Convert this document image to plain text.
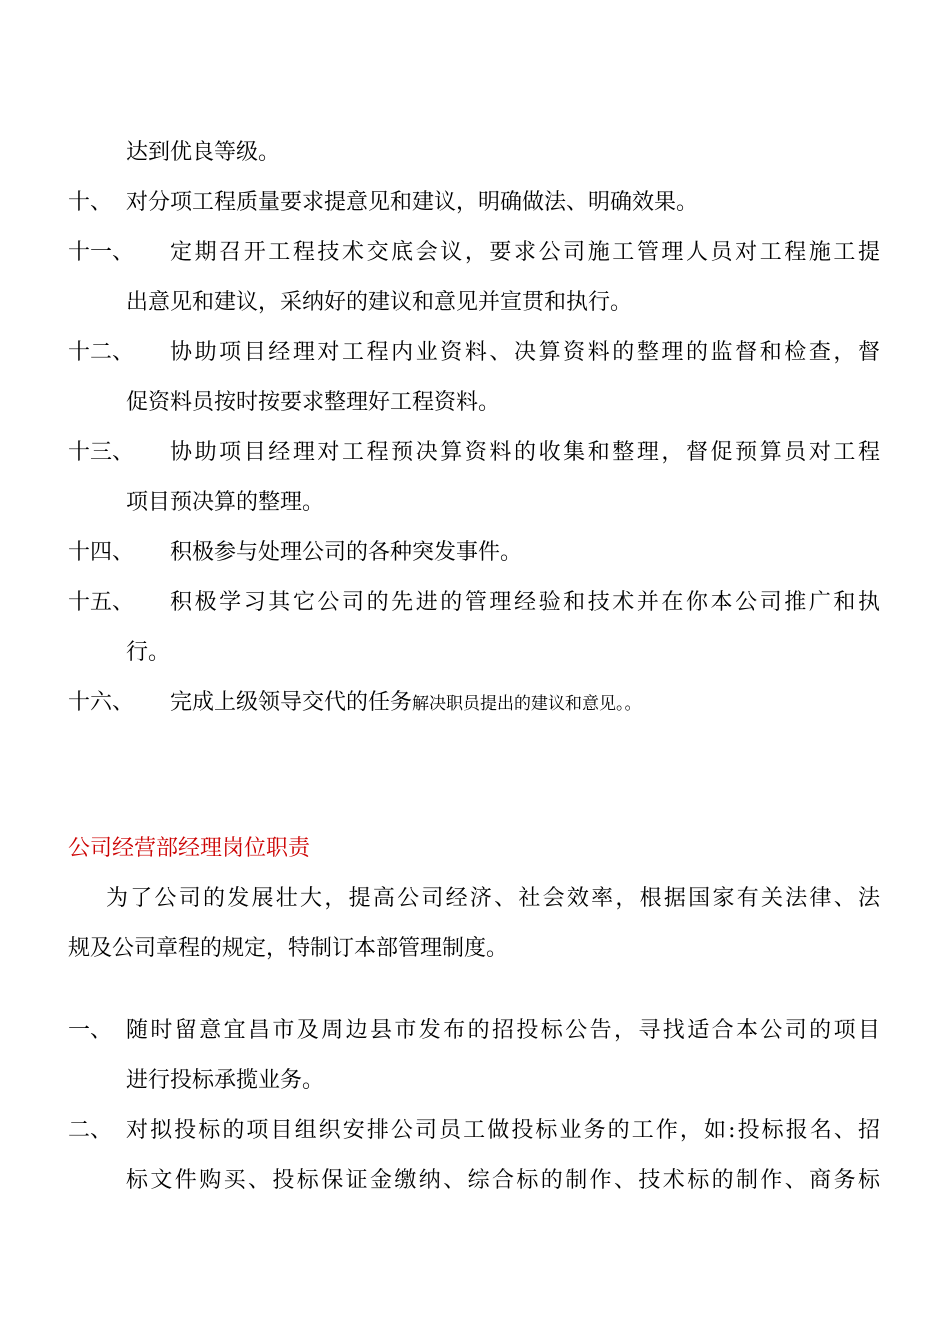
达到优良等级。
十、 对分项工程质量要求提意见和建议，明确做法、明确效果。
十一、 定期召开工程技术交底会议，要求公司施工管理人员对工程施工提
出意见和建议，采纳好的建议和意见并宣贯和执行。
十二、 协助项目经理对工程内业资料、决算资料的整理的监督和检查，督
促资料员按时按要求整理好工程资料。
十三、 协助项目经理对工程预决算资料的收集和整理，督促预算员对工程
项目预决算的整理。
十四、 积极参与处理公司的各种突发事件。
十五、 积极学习其它公司的先进的管理经验和技术并在你本公司推广和执
行。
十六、 完成上级领导交代的任务解决职员提出的建议和意见。。
公司经营部经理岗位职责
为了公司的发展壮大，提高公司经济、社会效率，根据国家有关法律、法
规及公司章程的规定，特制订本部管理制度。
一、 随时留意宜昌市及周边县市发布的招投标公告，寻找适合本公司的项目
进行投标承揽业务。
二、 对拟投标的项目组织安排公司员工做投标业务的工作，如:投标报名、招
标文件购买、投标保证金缴纳、综合标的制作、技术标的制作、商务标
